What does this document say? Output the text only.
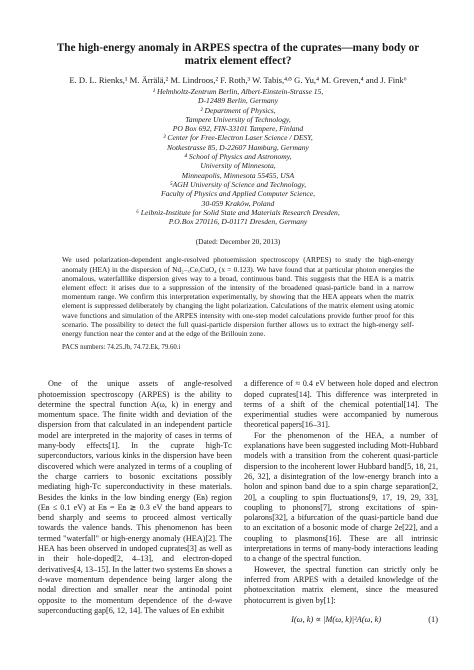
The high-energy anomaly in ARPES spectra of the cuprates—many body or matrix element effect?
E. D. L. Rienks,¹ M. Ärrälä,² M. Lindroos,² F. Roth,³ W. Tabis,⁴ʴ⁵ G. Yu,⁴ M. Greven,⁴ and J. Fink⁶
¹ Helmholtz-Zentrum Berlin, Albert-Einstein-Strasse 15,
D-12489 Berlin, Germany
² Department of Physics,
Tampere University of Technology,
PO Box 692, FIN-33101 Tampere, Finland
³ Center for Free-Electron Laser Science / DESY,
Notkestrasse 85, D-22607 Hamburg, Germany
⁴ School of Physics and Astronomy,
University of Minnesota,
Minneapolis, Minnesota 55455, USA
⁵AGH University of Science and Technology,
Faculty of Physics and Applied Computer Science,
30-059 Kraków, Poland
⁶ Leibniz-Institute for Solid State and Materials Research Dresden,
P.O.Box 270116, D-01171 Dresden, Germany
(Dated: December 20, 2013)
We used polarization-dependent angle-resolved photoemission spectroscopy (ARPES) to study the high-energy anomaly (HEA) in the dispersion of Nd₂₋ₓCeₓCuO₄ (x = 0.123). We have found that at particular photon energies the anomalous, waterfalllike dispersion gives way to a broad, continuous band. This suggests that the HEA is a matrix element effect: it arises due to a suppression of the intensity of the broadened quasi-particle band in a narrow momentum range. We confirm this interpretation experimentally, by showing that the HEA appears when the matrix element is suppressed deliberately by changing the light polarization. Calculations of the matrix element using atomic wave functions and simulation of the ARPES intensity with one-step model calculations provide further proof for this scenario. The possibility to detect the full quasi-particle dispersion further allows us to extract the high-energy self-energy function near the center and at the edge of the Brillouin zone.
PACS numbers: 74.25.Jb, 74.72.Ek, 79.60.i

One of the unique assets of angle-resolved photoemission spectroscopy (ARPES) is the ability to determine the spectral function A(ω, k) in energy and momentum space. The finite width and deviation of the dispersion from that calculated in an independent particle model are interpreted in the majority of cases in terms of many-body effects[1]. In the cuprate high-Tᴄ superconductors, various kinks in the dispersion have been discovered which were analyzed in terms of a coupling of the charge carriers to bosonic excitations possibly mediating high-Tᴄ superconductivity in these materials. Besides the kinks in the low binding energy (Eʙ) region (Eʙ ≤ 0.1 eV) at Eʙ = Eʙ ≳ 0.3 eV the band appears to bend sharply and seems to proceed almost vertically towards the valence bands. This phenomenon has been termed "waterfall" or high-energy anomaly (HEA)[2]. The HEA has been observed in undoped cuprates[3] as well as in their hole-doped[2, 4–13], and electron-doped derivatives[4, 13–15]. In the latter two systems Eʙ shows a d-wave momentum dependence being larger along the nodal direction and smaller near the antinodal point opposite to the momentum dependence of the d-wave superconducting gap[6, 12, 14]. The values of Eʙ exhibit

a difference of ≈ 0.4 eV between hole doped and electron doped cuprates[14]. This difference was interpreted in terms of a shift of the chemical potential[14]. The experimential studies were accompanied by numerous theoretical papers[16–31].

For the phenomenon of the HEA, a number of explanations have been suggested including Mott-Hubbard models with a transition from the coherent quasi-particle dispersion to the incoherent lower Hubbard band[5, 18, 21, 26, 32], a disintegration of the low-energy branch into a holon and spinon band due to a spin charge separation[2, 20], a coupling to spin fluctuations[9, 17, 19, 29, 33], coupling to phonons[7], strong excitations of spin-polarons[32], a bifurcation of the quasi-particle band due to an excitation of a bosonic mode of charge 2e[22], and a coupling to plasmons[16]. These are all intrinsic interpretations in terms of many-body interactions leading to a change of the spectral function.

However, the spectral function can strictly only be inferred from ARPES with a detailed knowledge of the photoexcitation matrix element, since the measured photocurrent is given by[1]:

I(ω, k) ∝ |M(ω, k)|²A(ω, k)	(1)
